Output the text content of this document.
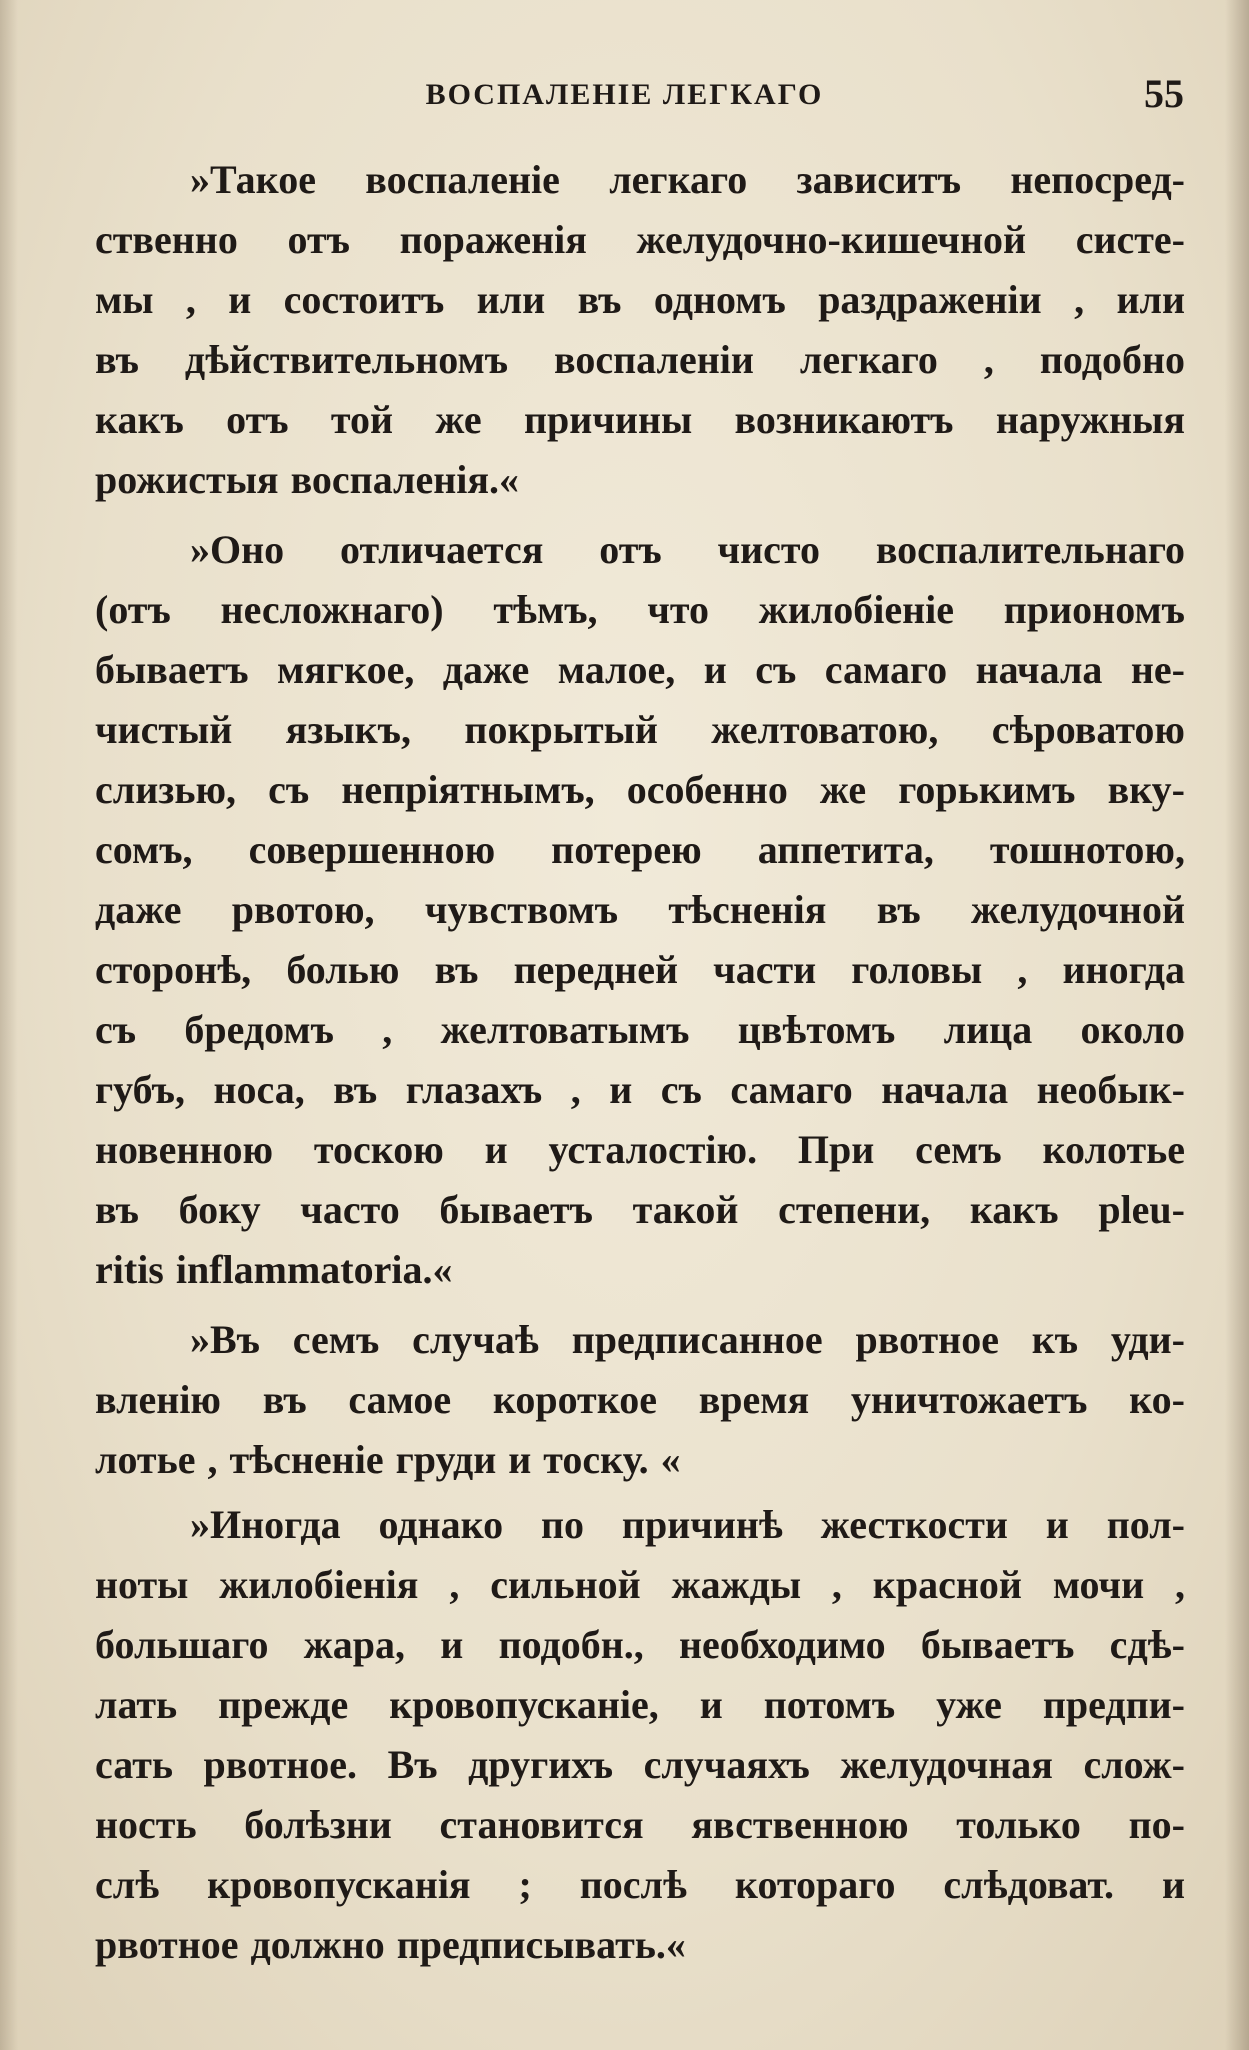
ВОСПАЛЕНІЕ ЛЕГКАГО	55
»Такое воспаленіе легкаго зависитъ непосред-
ственно отъ пораженія желудочно-кишечной систе-
мы , и состоитъ или въ одномъ раздраженіи , или
въ дѣйствительномъ воспаленіи легкаго , подобно
какъ отъ той же причины возникаютъ наружныя
рожистыя воспаленія.«
»Оно отличается отъ чисто воспалительнаго
(отъ несложнаго) тѣмъ, что жилобіеніе приономъ
бываетъ мягкое, даже малое, и съ самаго начала не-
чистый языкъ, покрытый желтоватою, сѣроватою
слизью, съ непріятнымъ, особенно же горькимъ вку-
сомъ, совершенною потерею аппетита, тошнотою,
даже рвотою, чувствомъ тѣсненія въ желудочной
сторонѣ, болью въ передней части головы , иногда
съ бредомъ , желтоватымъ цвѣтомъ лица около
губъ, носа, въ глазахъ , и съ самаго начала необык-
новенною тоскою и усталостію. При семъ колотье
въ боку часто бываетъ такой степени, какъ pleu-
ritis inflammatoria.«
»Въ семъ случаѣ предписанное рвотное къ уди-
вленію въ самое короткое время уничтожаетъ ко-
лотье , тѣсненіе груди и тоску. «
»Иногда однако по причинѣ жесткости и пол-
ноты жилобіенія , сильной жажды , красной мочи ,
большаго жара, и подобн., необходимо бываетъ сдѣ-
лать прежде кровопусканіе, и потомъ уже предпи-
сать рвотное. Въ другихъ случаяхъ желудочная слож-
ность болѣзни становится явственною только по-
слѣ кровопусканія ; послѣ котораго слѣдоват. и
рвотное должно предписывать.«
